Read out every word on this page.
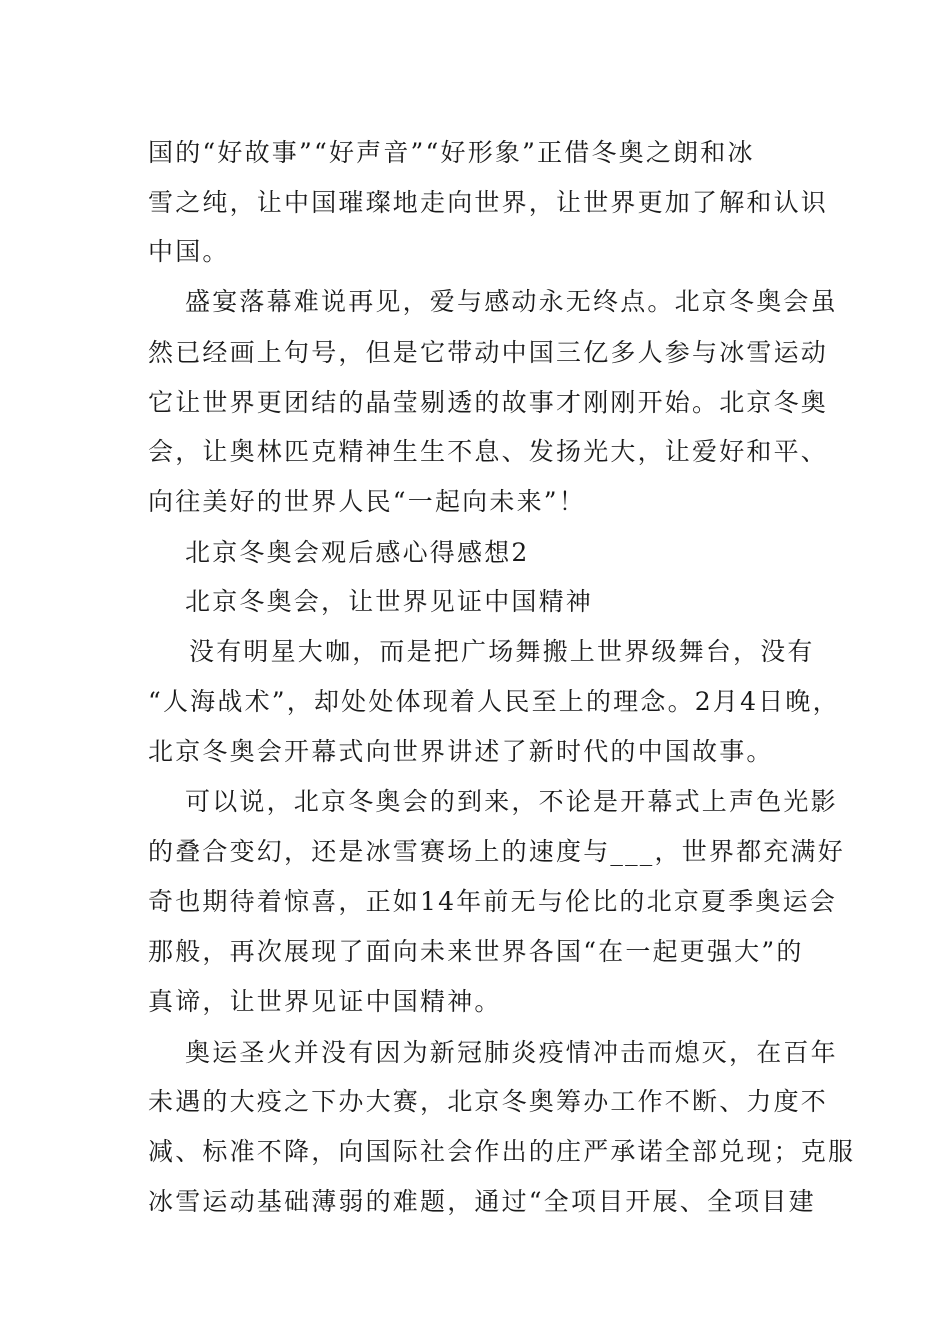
国的“好故事”“好声音”“好形象”正借冬奥之朗和冰
雪之纯，让中国璀璨地走向世界，让世界更加了解和认识
中国。
盛宴落幕难说再见，爱与感动永无终点。北京冬奥会虽
然已经画上句号，但是它带动中国三亿多人参与冰雪运动
它让世界更团结的晶莹剔透的故事才刚刚开始。北京冬奥
会，让奥林匹克精神生生不息、发扬光大，让爱好和平、
向往美好的世界人民“一起向未来”！
北京冬奥会观后感心得感想2
北京冬奥会，让世界见证中国精神
没有明星大咖，而是把广场舞搬上世界级舞台，没有
“人海战术”，却处处体现着人民至上的理念。2月4日晚，
北京冬奥会开幕式向世界讲述了新时代的中国故事。
可以说，北京冬奥会的到来，不论是开幕式上声色光影
的叠合变幻，还是冰雪赛场上的速度与___，世界都充满好
奇也期待着惊喜，正如14年前无与伦比的北京夏季奥运会
那般，再次展现了面向未来世界各国“在一起更强大”的
真谛，让世界见证中国精神。
奥运圣火并没有因为新冠肺炎疫情冲击而熄灭，在百年
未遇的大疫之下办大赛，北京冬奥筹办工作不断、力度不
减、标准不降，向国际社会作出的庄严承诺全部兑现；克服
冰雪运动基础薄弱的难题，通过“全项目开展、全项目建
